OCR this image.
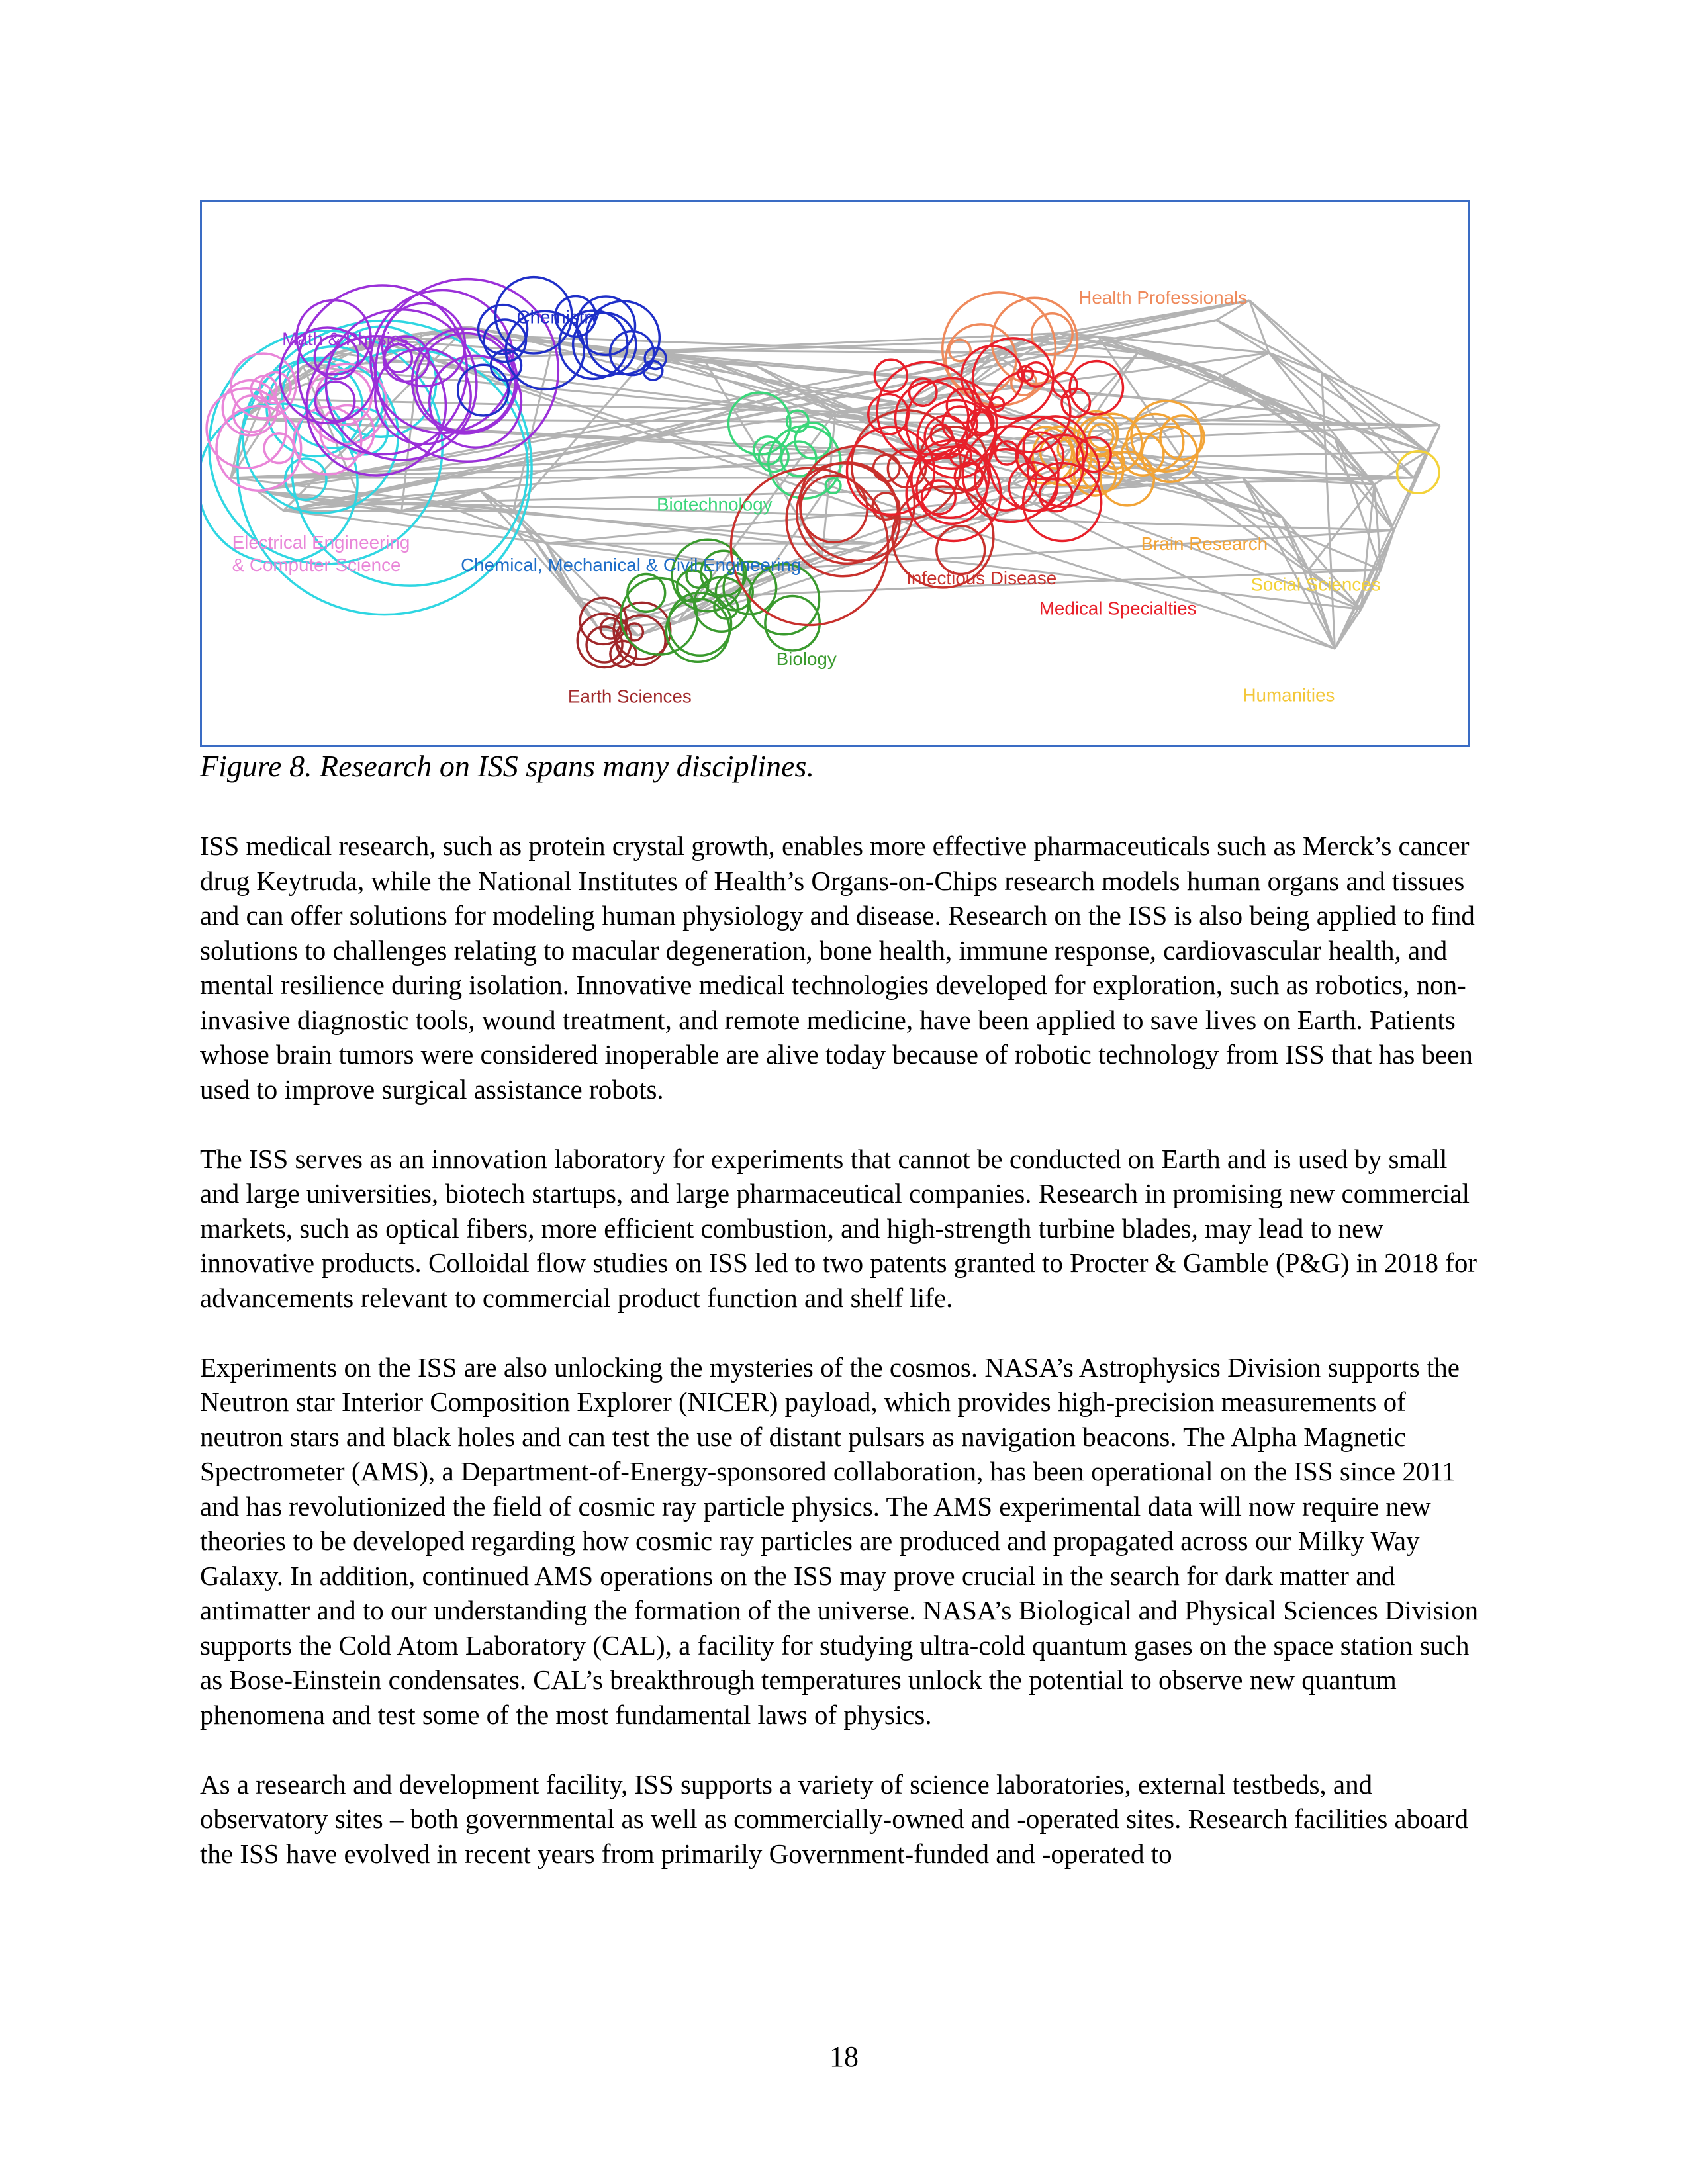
Math & Physics
Chemistry
Health Professionals
Biotechnology
Electrical Engineering
& Computer Science	Chemical, Mechanical & Civil Engineering
Brain Research
Infectious Disease	Social Sciences
Medical Specialties
Biology
Earth Sciences	Humanities
Figure 8. Research on ISS spans many disciplines.

ISS medical research, such as protein crystal growth, enables more effective pharmaceuticals such as Merck’s cancer drug Keytruda, while the National Institutes of Health’s Organs-on-Chips research models human organs and tissues and can offer solutions for modeling human physiology and disease. Research on the ISS is also being applied to find solutions to challenges relating to macular degeneration, bone health, immune response, cardiovascular health, and mental resilience during isolation. Innovative medical technologies developed for exploration, such as robotics, non-invasive diagnostic tools, wound treatment, and remote medicine, have been applied to save lives on Earth. Patients whose brain tumors were considered inoperable are alive today because of robotic technology from ISS that has been used to improve surgical assistance robots.

The ISS serves as an innovation laboratory for experiments that cannot be conducted on Earth and is used by small and large universities, biotech startups, and large pharmaceutical companies. Research in promising new commercial markets, such as optical fibers, more efficient combustion, and high-strength turbine blades, may lead to new innovative products. Colloidal flow studies on ISS led to two patents granted to Procter & Gamble (P&G) in 2018 for advancements relevant to commercial product function and shelf life.

Experiments on the ISS are also unlocking the mysteries of the cosmos. NASA’s Astrophysics Division supports the Neutron star Interior Composition Explorer (NICER) payload, which provides high-precision measurements of neutron stars and black holes and can test the use of distant pulsars as navigation beacons. The Alpha Magnetic Spectrometer (AMS), a Department-of-Energy-sponsored collaboration, has been operational on the ISS since 2011 and has revolutionized the field of cosmic ray particle physics. The AMS experimental data will now require new theories to be developed regarding how cosmic ray particles are produced and propagated across our Milky Way Galaxy. In addition, continued AMS operations on the ISS may prove crucial in the search for dark matter and antimatter and to our understanding the formation of the universe. NASA’s Biological and Physical Sciences Division supports the Cold Atom Laboratory (CAL), a facility for studying ultra-cold quantum gases on the space station such as Bose-Einstein condensates. CAL’s breakthrough temperatures unlock the potential to observe new quantum phenomena and test some of the most fundamental laws of physics.

As a research and development facility, ISS supports a variety of science laboratories, external testbeds, and observatory sites – both governmental as well as commercially-owned and -operated sites. Research facilities aboard the ISS have evolved in recent years from primarily Government-funded and -operated to

18
